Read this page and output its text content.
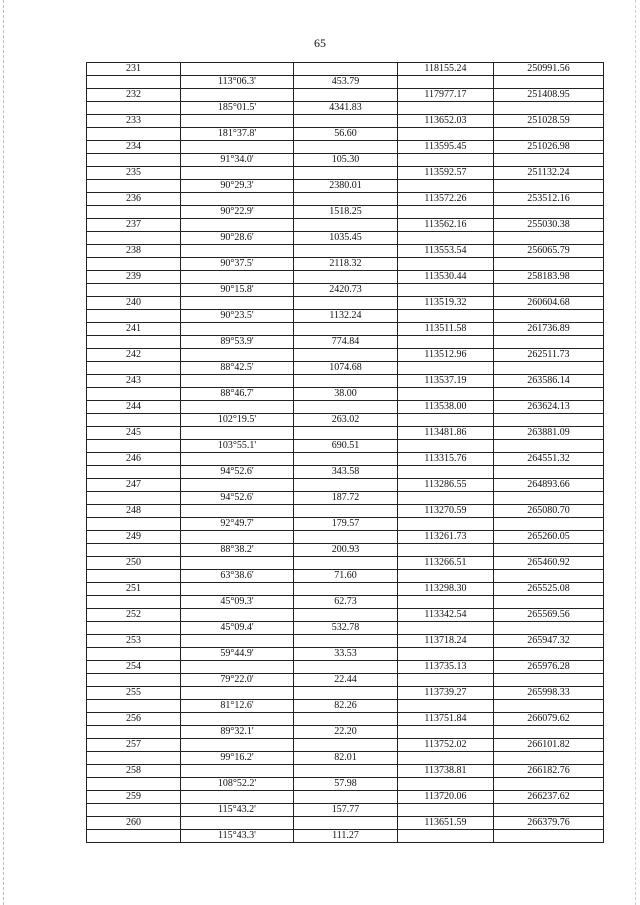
65
231			118155.24	250991.56
	113°06.3'	453.79		
232			117977.17	251408.95
	185°01.5'	4341.83		
233			113652.03	251028.59
	181°37.8'	56.60		
234			113595.45	251026.98
	91°34.0'	105.30		
235			113592.57	251132.24
	90°29.3'	2380.01		
236			113572.26	253512.16
	90°22.9'	1518.25		
237			113562.16	255030.38
	90°28.6'	1035.45		
238			113553.54	256065.79
	90°37.5'	2118.32		
239			113530.44	258183.98
	90°15.8'	2420.73		
240			113519.32	260604.68
	90°23.5'	1132.24		
241			113511.58	261736.89
	89°53.9'	774.84		
242			113512.96	262511.73
	88°42.5'	1074.68		
243			113537.19	263586.14
	88°46.7'	38.00		
244			113538.00	263624.13
	102°19.5'	263.02		
245			113481.86	263881.09
	103°55.1'	690.51		
246			113315.76	264551.32
	94°52.6'	343.58		
247			113286.55	264893.66
	94°52.6'	187.72		
248			113270.59	265080.70
	92°49.7'	179.57		
249			113261.73	265260.05
	88°38.2'	200.93		
250			113266.51	265460.92
	63°38.6'	71.60		
251			113298.30	265525.08
	45°09.3'	62.73		
252			113342.54	265569.56
	45°09.4'	532.78		
253			113718.24	265947.32
	59°44.9'	33.53		
254			113735.13	265976.28
	79°22.0'	22.44		
255			113739.27	265998.33
	81°12.6'	82.26		
256			113751.84	266079.62
	89°32.1'	22.20		
257			113752.02	266101.82
	99°16.2'	82.01		
258			113738.81	266182.76
	108°52.2'	57.98		
259			113720.06	266237.62
	115°43.2'	157.77		
260			113651.59	266379.76
	115°43.3'	111.27		
